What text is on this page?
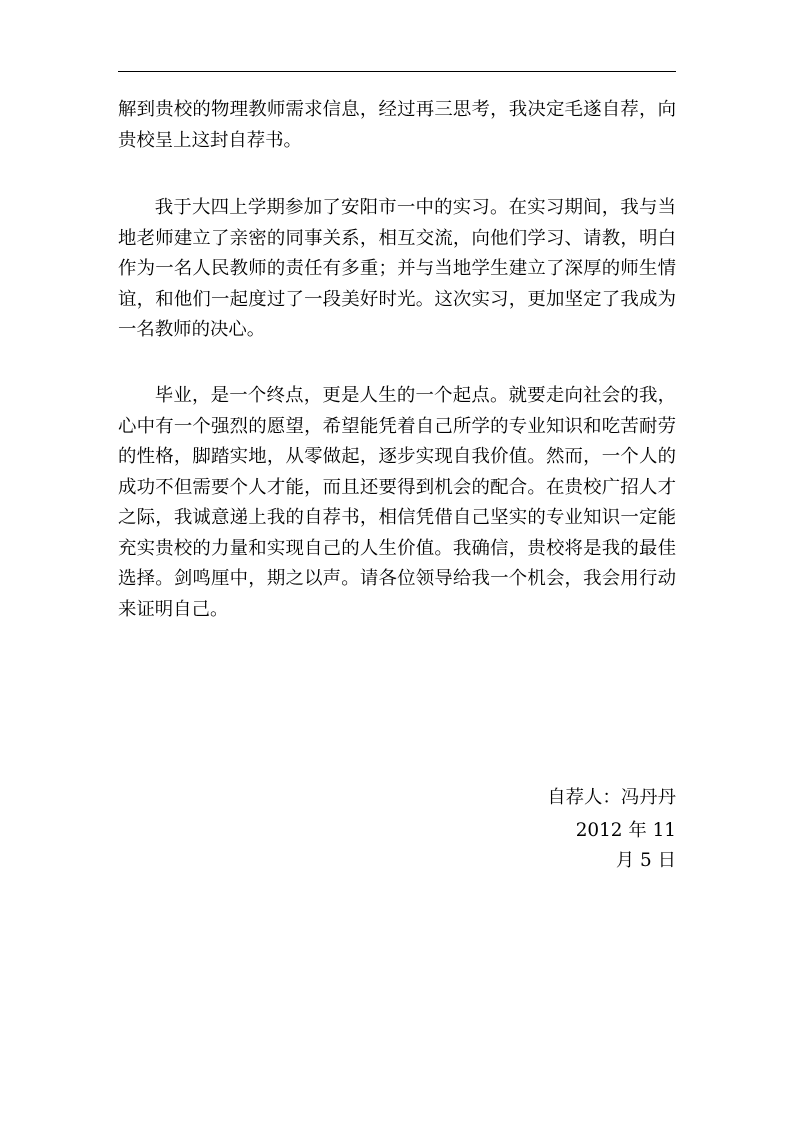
解到贵校的物理教师需求信息，经过再三思考，我决定毛遂自荐，向贵校呈上这封自荐书。

我于大四上学期参加了安阳市一中的实习。在实习期间，我与当地老师建立了亲密的同事关系，相互交流，向他们学习、请教，明白作为一名人民教师的责任有多重；并与当地学生建立了深厚的师生情谊，和他们一起度过了一段美好时光。这次实习，更加坚定了我成为一名教师的决心。

毕业，是一个终点，更是人生的一个起点。就要走向社会的我，心中有一个强烈的愿望，希望能凭着自己所学的专业知识和吃苦耐劳的性格，脚踏实地，从零做起，逐步实现自我价值。然而，一个人的成功不但需要个人才能，而且还要得到机会的配合。在贵校广招人才之际，我诚意递上我的自荐书，相信凭借自己坚实的专业知识一定能充实贵校的力量和实现自己的人生价值。我确信，贵校将是我的最佳选择。剑鸣厘中，期之以声。请各位领导给我一个机会，我会用行动来证明自己。

自荐人：冯丹丹
2012 年 11
月 5 日
